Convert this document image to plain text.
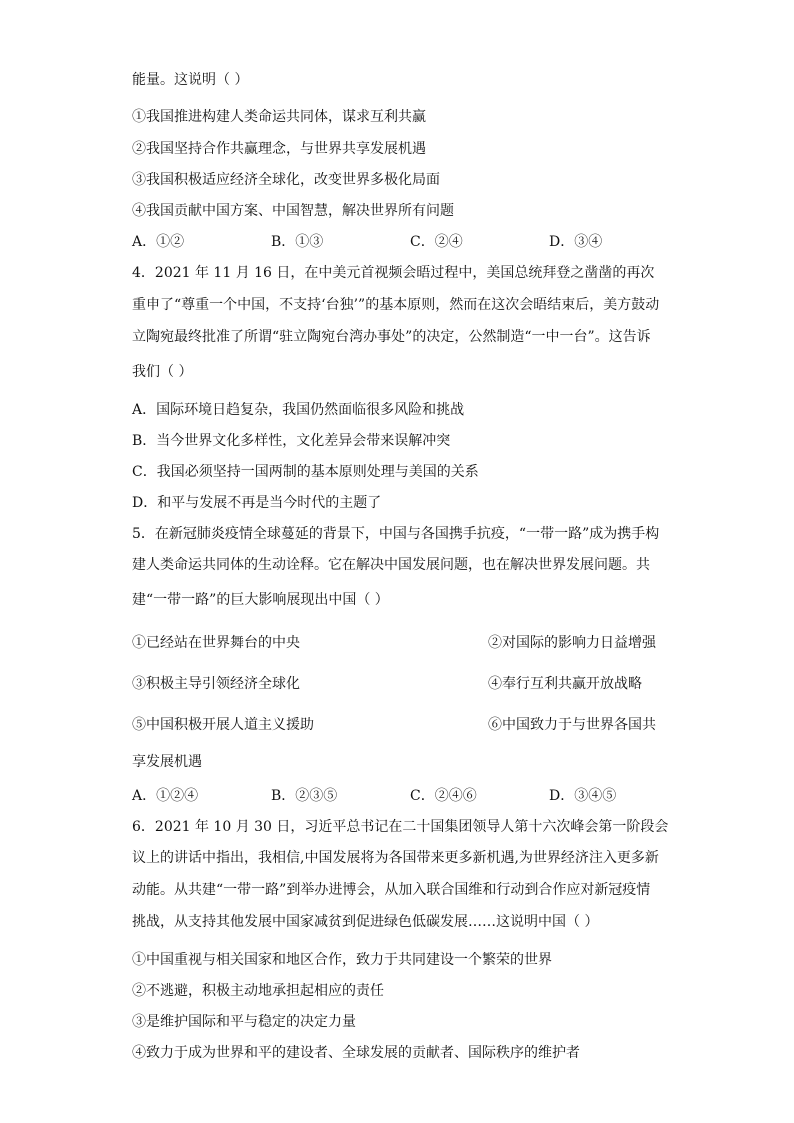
能量。这说明（ ）
①我国推进构建人类命运共同体，谋求互利共赢
②我国坚持合作共赢理念，与世界共享发展机遇
③我国积极适应经济全球化，改变世界多极化局面
④我国贡献中国方案、中国智慧，解决世界所有问题
A．①②	B．①③	C．②④	D．③④
4．2021 年 11 月 16 日，在中美元首视频会晤过程中，美国总统拜登之凿凿的再次
重申了“尊重一个中国，不支持‘台独’”的基本原则，然而在这次会晤结束后，美方鼓动
立陶宛最终批准了所谓“驻立陶宛台湾办事处”的决定，公然制造“一中一台”。这告诉
我们（ ）
A．国际环境日趋复杂，我国仍然面临很多风险和挑战
B．当今世界文化多样性，文化差异会带来误解冲突
C．我国必须坚持一国两制的基本原则处理与美国的关系
D．和平与发展不再是当今时代的主题了
5．在新冠肺炎疫情全球蔓延的背景下，中国与各国携手抗疫，“一带一路”成为携手构
建人类命运共同体的生动诠释。它在解决中国发展问题，也在解决世界发展问题。共
建“一带一路”的巨大影响展现出中国（ ）
①已经站在世界舞台的中央	②对国际的影响力日益增强
③积极主导引领经济全球化	④奉行互利共赢开放战略
⑤中国积极开展人道主义援助	⑥中国致力于与世界各国共
享发展机遇
A．①②④	B．②③⑤	C．②④⑥	D．③④⑤
6．2021 年 10 月 30 日，习近平总书记在二十国集团领导人第十六次峰会第一阶段会
议上的讲话中指出，我相信,中国发展将为各国带来更多新机遇,为世界经济注入更多新
动能。从共建“一带一路”到举办进博会，从加入联合国维和行动到合作应对新冠疫情
挑战，从支持其他发展中国家减贫到促进绿色低碳发展……这说明中国（ ）
①中国重视与相关国家和地区合作，致力于共同建设一个繁荣的世界
②不逃避，积极主动地承担起相应的责任
③是维护国际和平与稳定的决定力量
④致力于成为世界和平的建设者、全球发展的贡献者、国际秩序的维护者
